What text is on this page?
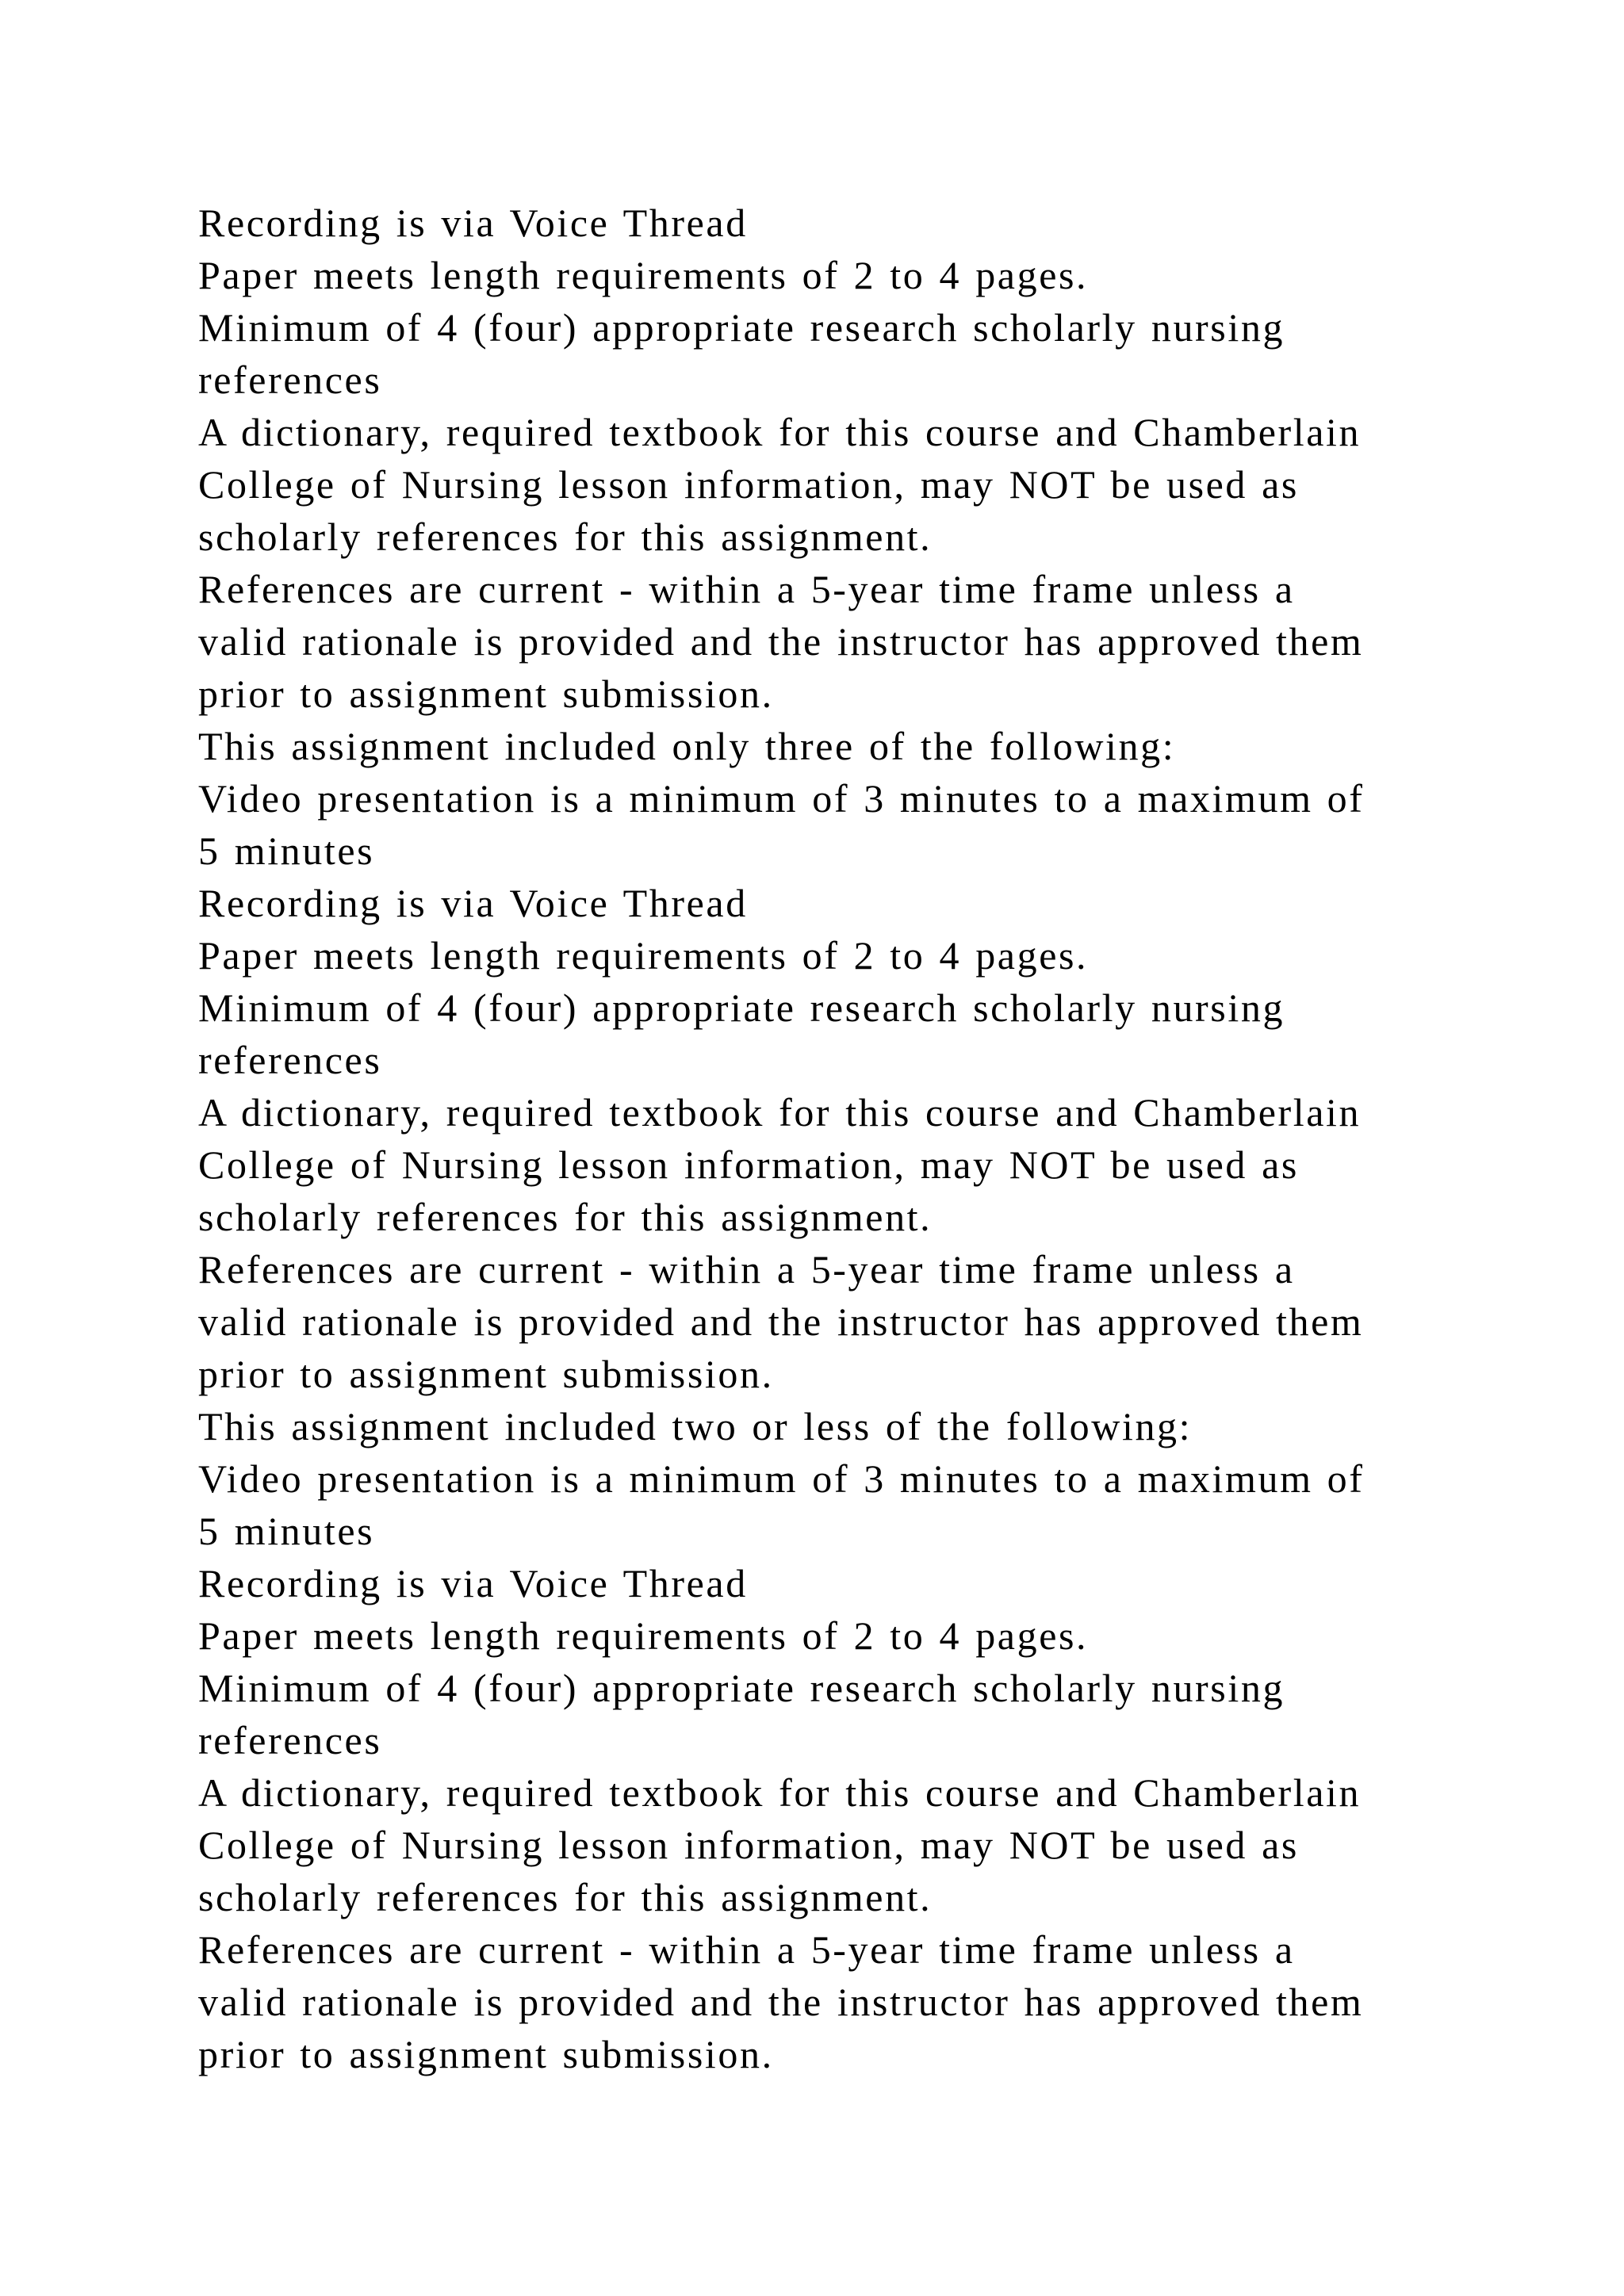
Recording is via Voice Thread

Paper meets length requirements of 2 to 4 pages.

Minimum of 4 (four) appropriate research scholarly nursing

references

A dictionary, required textbook for this course and Chamberlain

College of Nursing lesson information, may NOT be used as

scholarly references for this assignment.

References are current - within a 5-year time frame unless a

valid rationale is provided and the instructor has approved them

prior to assignment submission.

This assignment included only three of the following:

Video presentation is a minimum of 3 minutes to a maximum of

5 minutes

Recording is via Voice Thread

Paper meets length requirements of 2 to 4 pages.

Minimum of 4 (four) appropriate research scholarly nursing

references

A dictionary, required textbook for this course and Chamberlain

College of Nursing lesson information, may NOT be used as

scholarly references for this assignment.

References are current - within a 5-year time frame unless a

valid rationale is provided and the instructor has approved them

prior to assignment submission.

This assignment included two or less of the following:

Video presentation is a minimum of 3 minutes to a maximum of

5 minutes

Recording is via Voice Thread

Paper meets length requirements of 2 to 4 pages.

Minimum of 4 (four) appropriate research scholarly nursing

references

A dictionary, required textbook for this course and Chamberlain

College of Nursing lesson information, may NOT be used as

scholarly references for this assignment.

References are current - within a 5-year time frame unless a

valid rationale is provided and the instructor has approved them

prior to assignment submission.
